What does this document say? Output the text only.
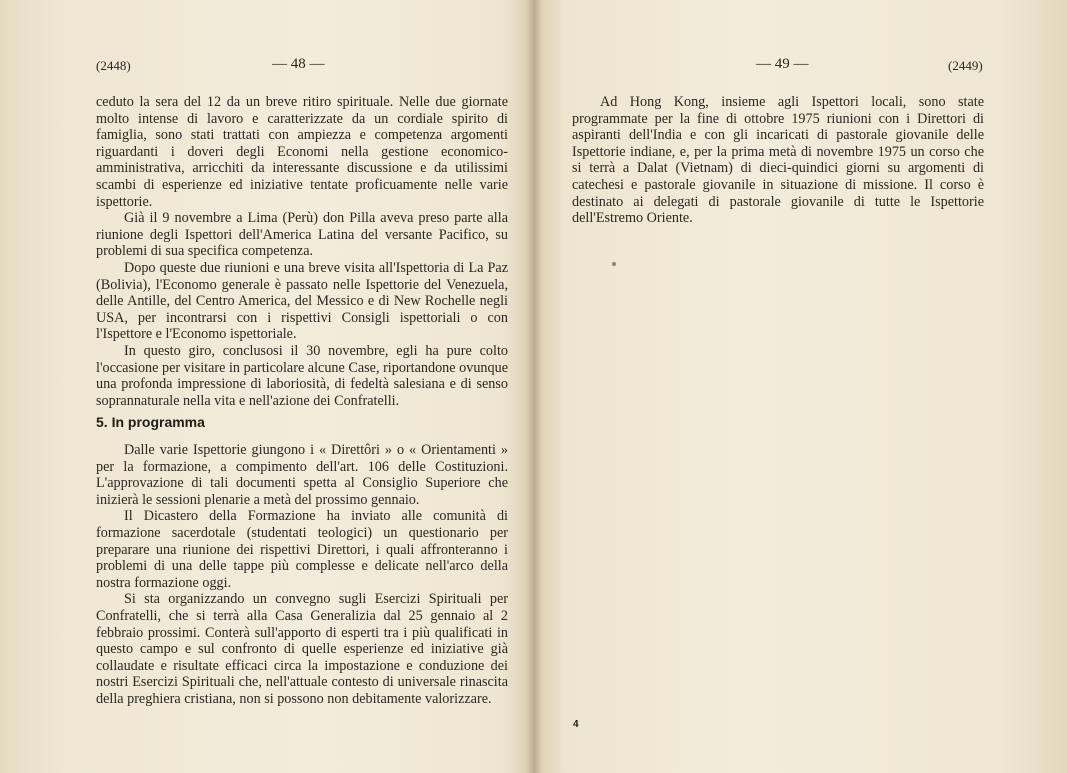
(2448)	— 48 —

ceduto la sera del 12 da un breve ritiro spirituale. Nelle due giornate molto intense di lavoro e caratterizzate da un cordiale spirito di famiglia, sono stati trattati con ampiezza e competenza argomenti riguardanti i doveri degli Economi nella gestione economico-amministrativa, arricchiti da interessante discussione e da utilissimi scambi di esperienze ed iniziative tentate proficuamente nelle varie ispettorie.

Già il 9 novembre a Lima (Perù) don Pilla aveva preso parte alla riunione degli Ispettori dell'America Latina del versante Pacifico, su problemi di sua specifica competenza.

Dopo queste due riunioni e una breve visita all'Ispettoria di La Paz (Bolivia), l'Economo generale è passato nelle Ispettorie del Venezuela, delle Antille, del Centro America, del Messico e di New Rochelle negli USA, per incontrarsi con i rispettivi Consigli ispettoriali o con l'Ispettore e l'Economo ispettoriale.

In questo giro, conclusosi il 30 novembre, egli ha pure colto l'occasione per visitare in particolare alcune Case, riportandone ovunque una profonda impressione di laboriosità, di fedeltà salesiana e di senso soprannaturale nella vita e nell'azione dei Confratelli.

5. In programma

Dalle varie Ispettorie giungono i « Direttôri » o « Orientamenti » per la formazione, a compimento dell'art. 106 delle Costituzioni. L'approvazione di tali documenti spetta al Consiglio Superiore che inizierà le sessioni plenarie a metà del prossimo gennaio.

Il Dicastero della Formazione ha inviato alle comunità di formazione sacerdotale (studentati teologici) un questionario per preparare una riunione dei rispettivi Direttori, i quali affronteranno i problemi di una delle tappe più complesse e delicate nell'arco della nostra formazione oggi.

Si sta organizzando un convegno sugli Esercizi Spirituali per Confratelli, che si terrà alla Casa Generalizia dal 25 gennaio al 2 febbraio prossimi. Conterà sull'apporto di esperti tra i più qualificati in questo campo e sul confronto di quelle esperienze ed iniziative già collaudate e risultate efficaci circa la impostazione e conduzione dei nostri Esercizi Spirituali che, nell'attuale contesto di universale rinascita della preghiera cristiana, non si possono non debitamente valorizzare.

— 49 —	(2449)

Ad Hong Kong, insieme agli Ispettori locali, sono state programmate per la fine di ottobre 1975 riunioni con i Direttori di aspiranti dell'India e con gli incaricati di pastorale giovanile delle Ispettorie indiane, e, per la prima metà di novembre 1975 un corso che si terrà a Dalat (Vietnam) di dieci-quindici giorni su argomenti di catechesi e pastorale giovanile in situazione di missione. Il corso è destinato ai delegati di pastorale giovanile di tutte le Ispettorie dell'Estremo Oriente.

4
